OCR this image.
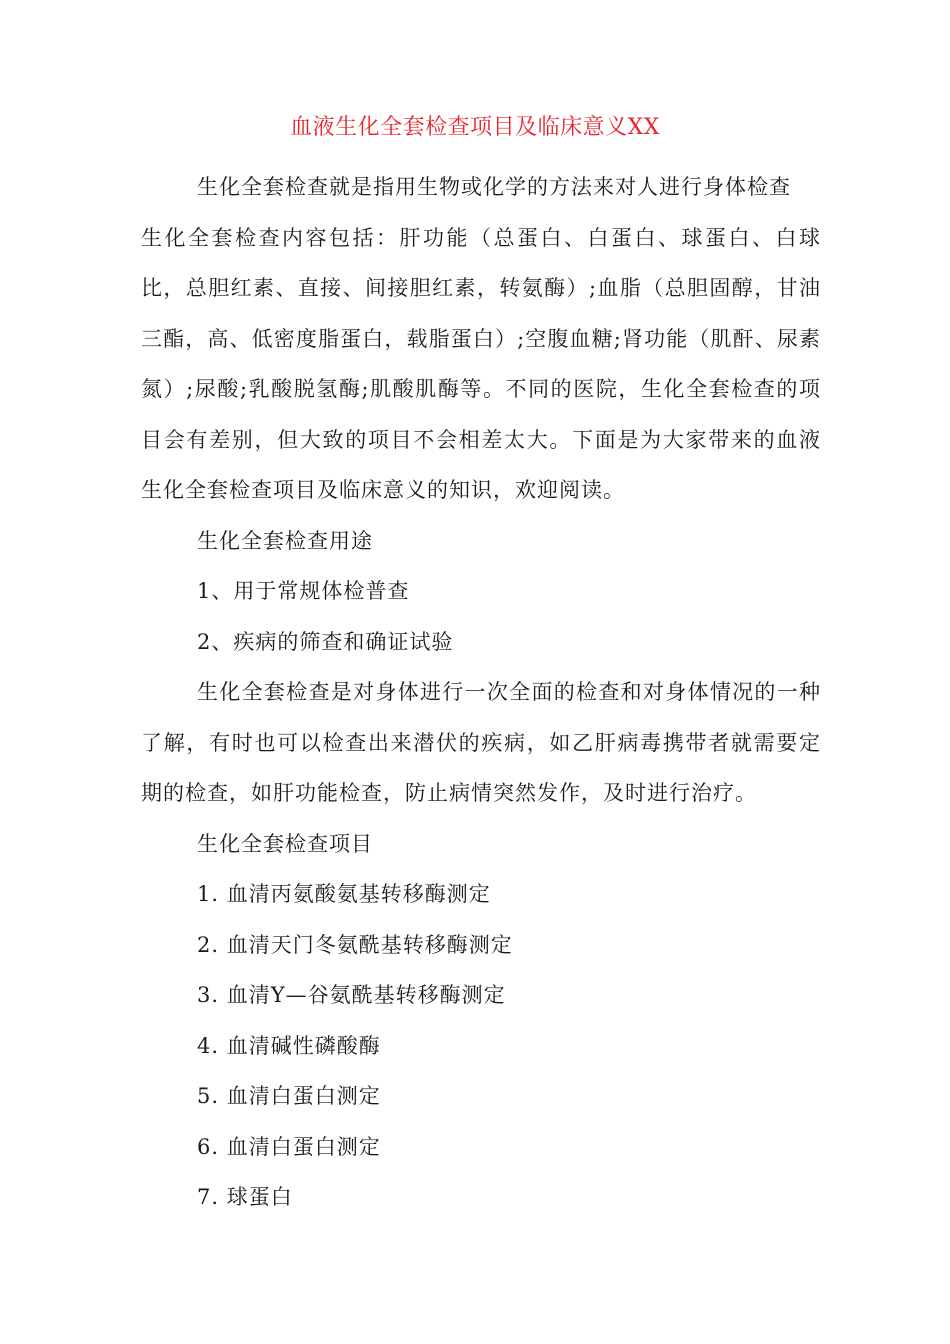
血液生化全套检查项目及临床意义XX

生化全套检查就是指用生物或化学的方法来对人进行身体检查

生化全套检查内容包括：肝功能（总蛋白、白蛋白、球蛋白、白球比，总胆红素、直接、间接胆红素，转氨酶）;血脂（总胆固醇，甘油三酯，高、低密度脂蛋白，载脂蛋白）;空腹血糖;肾功能（肌酐、尿素氮）;尿酸;乳酸脱氢酶;肌酸肌酶等。不同的医院，生化全套检查的项目会有差别，但大致的项目不会相差太大。下面是为大家带来的血液生化全套检查项目及临床意义的知识，欢迎阅读。

生化全套检查用途

1、用于常规体检普查

2、疾病的筛查和确证试验

生化全套检查是对身体进行一次全面的检查和对身体情况的一种了解，有时也可以检查出来潜伏的疾病，如乙肝病毒携带者就需要定期的检查，如肝功能检查，防止病情突然发作，及时进行治疗。

生化全套检查项目

1. 血清丙氨酸氨基转移酶测定

2. 血清天门冬氨酰基转移酶测定

3. 血清Y—谷氨酰基转移酶测定

4. 血清碱性磷酸酶

5. 血清白蛋白测定

6. 血清白蛋白测定

7. 球蛋白
